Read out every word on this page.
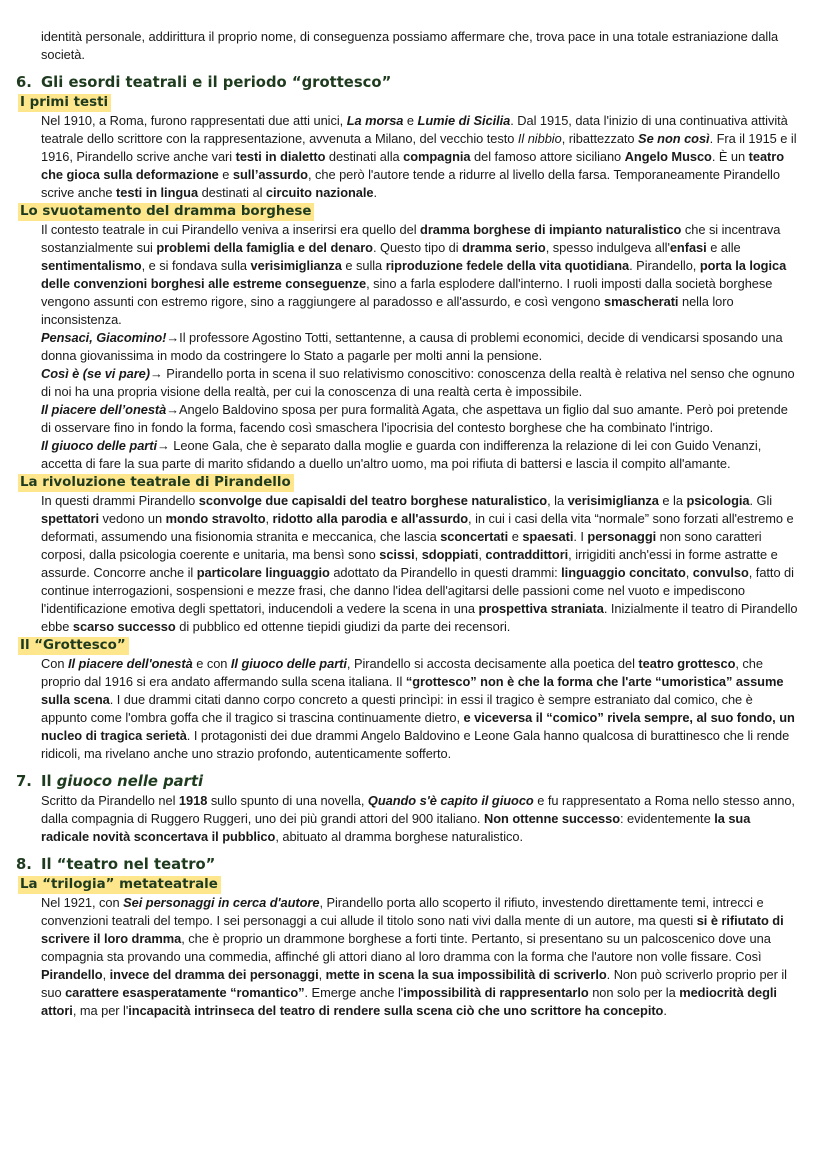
identità personale, addirittura il proprio nome, di conseguenza possiamo affermare che, trova pace in una totale estraniazione dalla società.

6. Gli esordi teatrali e il periodo “grottesco”
I primi testi

Nel 1910, a Roma, furono rappresentati due atti unici, La morsa e Lumie di Sicilia. Dal 1915, data l'inizio di una continuativa attività teatrale dello scrittore con la rappresentazione, avvenuta a Milano, del vecchio testo Il nibbio, ribattezzato Se non così. Fra il 1915 e il 1916, Pirandello scrive anche vari testi in dialetto destinati alla compagnia del famoso attore siciliano Angelo Musco. È un teatro che gioca sulla deformazione e sull’assurdo, che però l'autore tende a ridurre al livello della farsa. Temporaneamente Pirandello scrive anche testi in lingua destinati al circuito nazionale.

Lo svuotamento del dramma borghese

Il contesto teatrale in cui Pirandello veniva a inserirsi era quello del dramma borghese di impianto naturalistico che si incentrava sostanzialmente sui problemi della famiglia e del denaro. Questo tipo di dramma serio, spesso indulgeva all'enfasi e alle sentimentalismo, e si fondava sulla verisimiglianza e sulla riproduzione fedele della vita quotidiana. Pirandello, porta la logica delle convenzioni borghesi alle estreme conseguenze, sino a farla esplodere dall'interno. I ruoli imposti dalla società borghese vengono assunti con estremo rigore, sino a raggiungere al paradosso e all'assurdo, e così vengono smascherati nella loro inconsistenza.

Pensaci, Giacomino!→Il professore Agostino Totti, settantenne, a causa di problemi economici, decide di vendicarsi sposando una donna giovanissima in modo da costringere lo Stato a pagarle per molti anni la pensione.

Così è (se vi pare)→ Pirandello porta in scena il suo relativismo conoscitivo: conoscenza della realtà è relativa nel senso che ognuno di noi ha una propria visione della realtà, per cui la conoscenza di una realtà certa è impossibile.

Il piacere dell’onestà→Angelo Baldovino sposa per pura formalità Agata, che aspettava un figlio dal suo amante. Però poi pretende di osservare fino in fondo la forma, facendo così smaschera l'ipocrisia del contesto borghese che ha combinato l'intrigo.

Il giuoco delle parti→ Leone Gala, che è separato dalla moglie e guarda con indifferenza la relazione di lei con Guido Venanzi, accetta di fare la sua parte di marito sfidando a duello un'altro uomo, ma poi rifiuta di battersi e lascia il compito all'amante.

La rivoluzione teatrale di Pirandello

In questi drammi Pirandello sconvolge due capisaldi del teatro borghese naturalistico, la verisimiglianza e la psicologia. Gli spettatori vedono un mondo stravolto, ridotto alla parodia e all'assurdo, in cui i casi della vita “normale” sono forzati all'estremo e deformati, assumendo una fisionomia stranita e meccanica, che lascia sconcertati e spaesati. I personaggi non sono caratteri corposi, dalla psicologia coerente e unitaria, ma bensì sono scissi, sdoppiati, contraddittori, irrigiditi anch'essi in forme astratte e assurde. Concorre anche il particolare linguaggio adottato da Pirandello in questi drammi: linguaggio concitato, convulso, fatto di continue interrogazioni, sospensioni e mezze frasi, che danno l'idea dell'agitarsi delle passioni come nel vuoto e impediscono l'identificazione emotiva degli spettatori, inducendoli a vedere la scena in una prospettiva straniata. Inizialmente il teatro di Pirandello ebbe scarso successo di pubblico ed ottenne tiepidi giudizi da parte dei recensori.

Il “Grottesco”

Con Il piacere dell'onestà e con Il giuoco delle parti, Pirandello si accosta decisamente alla poetica del teatro grottesco, che proprio dal 1916 si era andato affermando sulla scena italiana. Il “grottesco” non è che la forma che l'arte “umoristica” assume sulla scena. I due drammi citati danno corpo concreto a questi princìpi: in essi il tragico è sempre estraniato dal comico, che è appunto come l'ombra goffa che il tragico si trascina continuamente dietro, e viceversa il “comico” rivela sempre, al suo fondo, un nucleo di tragica serietà. I protagonisti dei due drammi Angelo Baldovino e Leone Gala hanno qualcosa di burattinesco che li rende ridicoli, ma rivelano anche uno strazio profondo, autenticamente sofferto.

7. Il giuoco nelle parti

Scritto da Pirandello nel 1918 sullo spunto di una novella, Quando s'è capito il giuoco e fu rappresentato a Roma nello stesso anno, dalla compagnia di Ruggero Ruggeri, uno dei più grandi attori del 900 italiano. Non ottenne successo: evidentemente la sua radicale novità sconcertava il pubblico, abituato al dramma borghese naturalistico.

8. Il “teatro nel teatro”
La “trilogia” metateatrale

Nel 1921, con Sei personaggi in cerca d'autore, Pirandello porta allo scoperto il rifiuto, investendo direttamente temi, intrecci e convenzioni teatrali del tempo. I sei personaggi a cui allude il titolo sono nati vivi dalla mente di un autore, ma questi si è rifiutato di scrivere il loro dramma, che è proprio un drammone borghese a forti tinte. Pertanto, si presentano su un palcoscenico dove una compagnia sta provando una commedia, affinché gli attori diano al loro dramma con la forma che l'autore non volle fissare. Così Pirandello, invece del dramma dei personaggi, mette in scena la sua impossibilità di scriverlo. Non può scriverlo proprio per il suo carattere esasperatamente “romantico”. Emerge anche l'impossibilità di rappresentarlo non solo per la mediocrità degli attori, ma per l'incapacità intrinseca del teatro di rendere sulla scena ciò che uno scrittore ha concepito.
